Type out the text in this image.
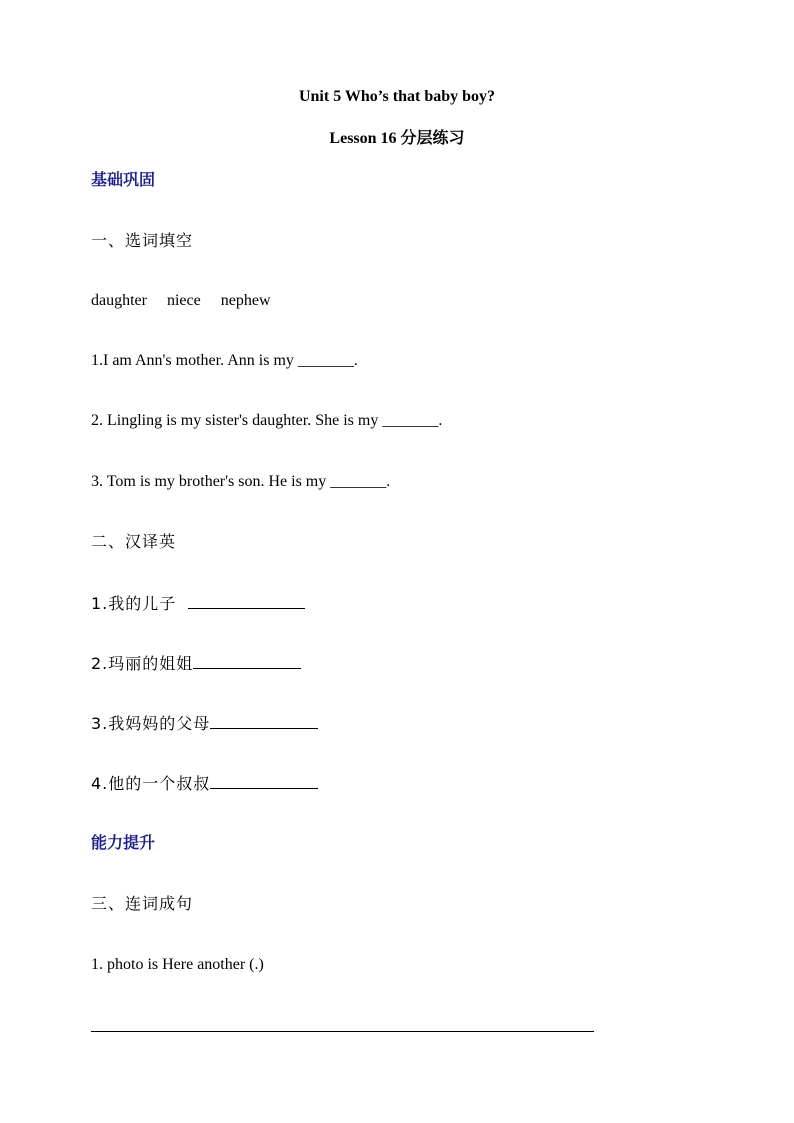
Unit 5 Who’s that baby boy?
Lesson 16 分层练习
基础巩固
一、选词填空
daughter niece nephew
1.I am Ann's mother. Ann is my _______.
2. Lingling is my sister's daughter. She is my _______.
3. Tom is my brother's son. He is my _______.
二、汉译英
1.我的儿子
2.玛丽的姐姐
3.我妈妈的父母
4.他的一个叔叔
能力提升
三、连词成句
1. photo is Here another (.)
